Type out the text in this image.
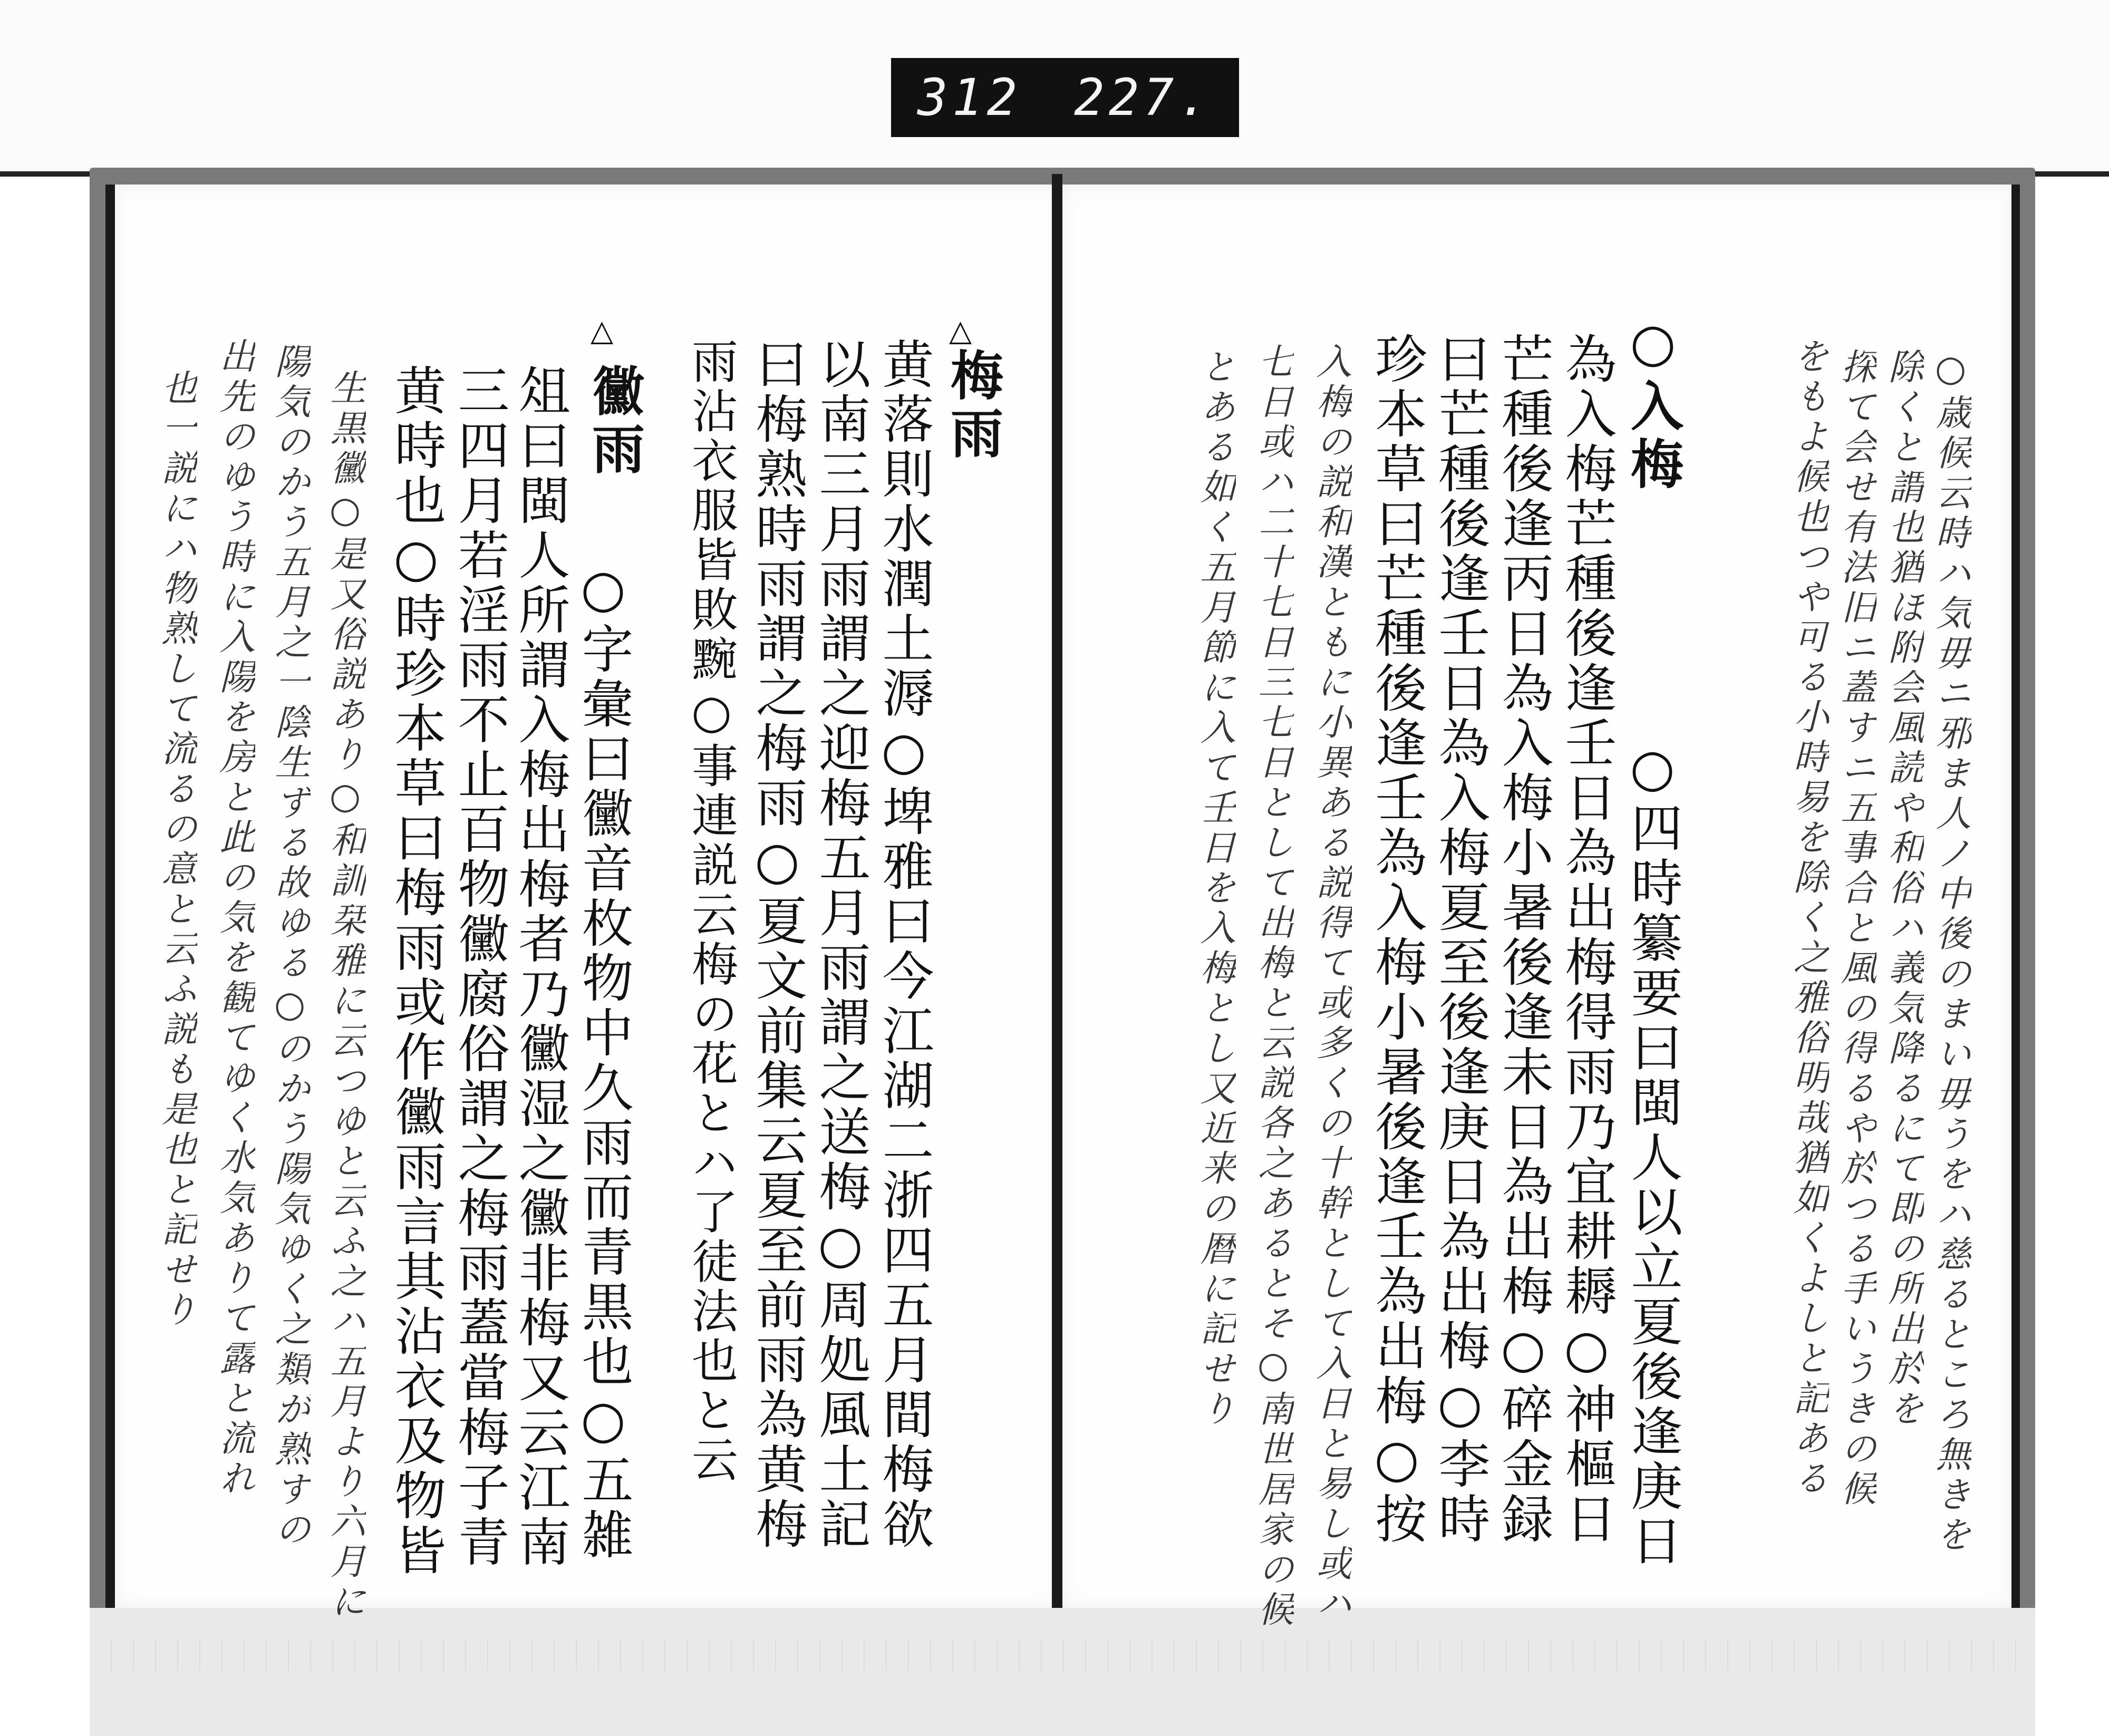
312 227.
○歳候云時ハ気毋ニ邪ま人ノ中後のまい毋うをハ慈るところ無きを
除くと謂也猶ほ附会風読や和俗ハ義気降るにて即の所出於を
探て会せ有法旧ニ蓋すニ五事合と風の得るや於つる手いうきの候
をもよ候也つや可る小時易を除く之雅俗明哉猶如くよしと記ある
○入梅
○四時纂要曰閩人以立夏後逢庚日
為入梅芒種後逢壬日為出梅得雨乃宜耕耨○神樞日
芒種後逢丙日為入梅小暑後逢未日為出梅○碎金録
曰芒種後逢壬日為入梅夏至後逢庚日為出梅○李時
珍本草曰芒種後逢壬為入梅小暑後逢壬為出梅○按
入梅の説和漢ともに小異ある説得て或多くの十幹として入日と易し或ハ
七日或ハ二十七日三七日として出梅と云説各之あるとそ○南世居家の候
とある如く五月節に入て壬日を入梅とし又近来の暦に記せり
△
梅雨
黄落則水潤土溽○埤雅曰今江湖二浙四五月間梅欲
以南三月雨謂之迎梅五月雨謂之送梅○周処風土記
曰梅熟時雨謂之梅雨○夏文前集云夏至前雨為黄梅
雨沾衣服皆敗黦○事連説云梅の花とハ了徒法也と云
△
黴雨
○字彙曰黴音枚物中久雨而青黒也○五雑
俎曰閩人所謂入梅出梅者乃黴湿之黴非梅又云江南
三四月若淫雨不止百物黴腐俗謂之梅雨蓋當梅子青
黄時也○時珍本草曰梅雨或作黴雨言其沾衣及物皆
生黒黴○是又俗説あり○和訓栞雅に云つゆと云ふ之ハ五月より六月に
陽気のかう五月之一陰生ずる故ゆる○のかう陽気ゆく之類が熟すの
出先のゆう時に入陽を房と此の気を観てゆく水気ありて露と流れ
也一説にハ物熟して流るの意と云ふ説も是也と記せり
